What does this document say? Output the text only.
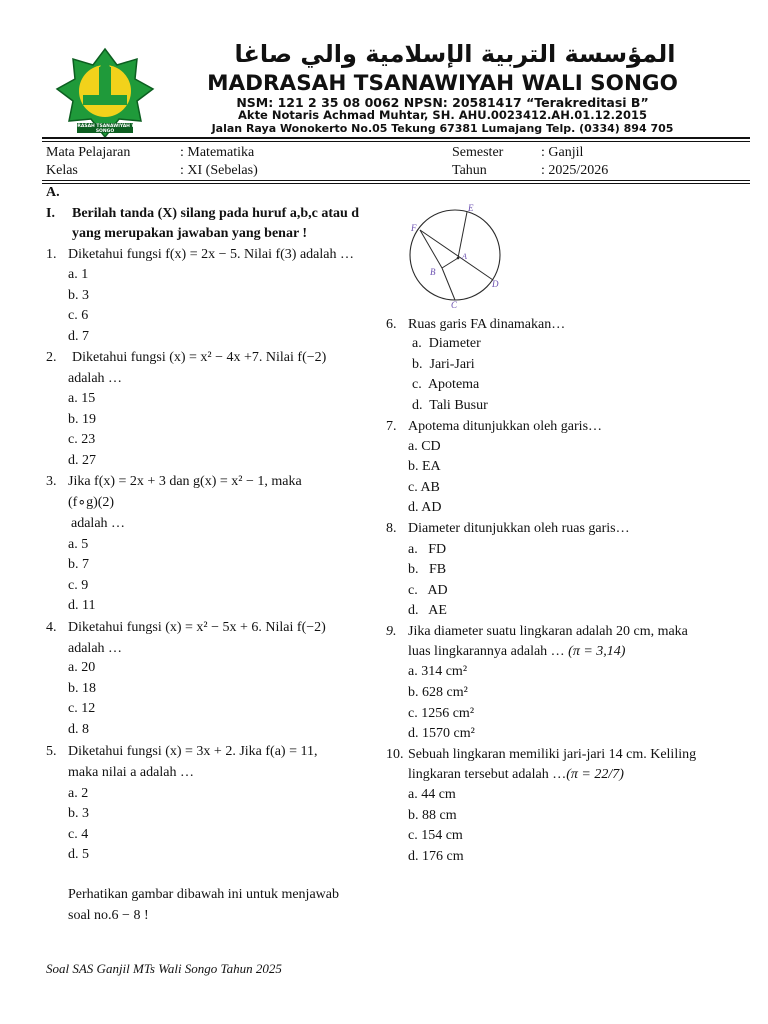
MADRASAH TSANAWIYAH WALI SONGO
المؤسسة التربية الإسلامية والي صاغا
MADRASAH TSANAWIYAH WALI SONGO
NSM: 121 2 35 08 0062 NPSN: 20581417 “Terakreditasi B”
Akte Notaris Achmad Muhtar, SH. AHU.0023412.AH.01.12.2015
Jalan Raya Wonokerto No.05 Tekung 67381 Lumajang Telp. (0334) 894 705
Mata Pelajaran	: Matematika	Semester	: Ganjil
Kelas	: XI (Sebelas)	Tahun	: 2025/2026
A.
I. Berilah tanda (X) silang pada huruf a,b,c atau d
yang merupakan jawaban yang benar !
1. Diketahui fungsi f(x) = 2x − 5. Nilai f(3) adalah …
a. 1
b. 3
c. 6
d. 7
2. Diketahui fungsi (x) = x² − 4x +7. Nilai f(−2)
adalah …
a. 15
b. 19
c. 23
d. 27
3. Jika f(x) = 2x + 3 dan g(x) = x² − 1, maka
(f∘g)(2)
adalah …
a. 5
b. 7
c. 9
d. 11
4. Diketahui fungsi (x) = x² − 5x + 6. Nilai f(−2)
adalah …
a. 20
b. 18
c. 12
d. 8
5. Diketahui fungsi (x) = 3x + 2. Jika f(a) = 11,
maka nilai a adalah …
a. 2
b. 3
c. 4
d. 5
Perhatikan gambar dibawah ini untuk menjawab
soal no.6 − 8 !
E
F
A
B
D
C
6. Ruas garis FA dinamakan…
a.  Diameter
b.  Jari-Jari
c.  Apotema
d.  Tali Busur
7. Apotema ditunjukkan oleh garis…
a. CD
b. EA
c. AB
d. AD
8. Diameter ditunjukkan oleh ruas garis…
a.   FD
b.   FB
c.   AD
d.   AE
9. Jika diameter suatu lingkaran adalah 20 cm, maka
luas lingkarannya adalah … (π = 3,14)
a. 314 cm²
b. 628 cm²
c. 1256 cm²
d. 1570 cm²
10. Sebuah lingkaran memiliki jari-jari 14 cm. Keliling
lingkaran tersebut adalah …(π = 22/7)
a. 44 cm
b. 88 cm
c. 154 cm
d. 176 cm
Soal SAS Ganjil MTs Wali Songo Tahun 2025
